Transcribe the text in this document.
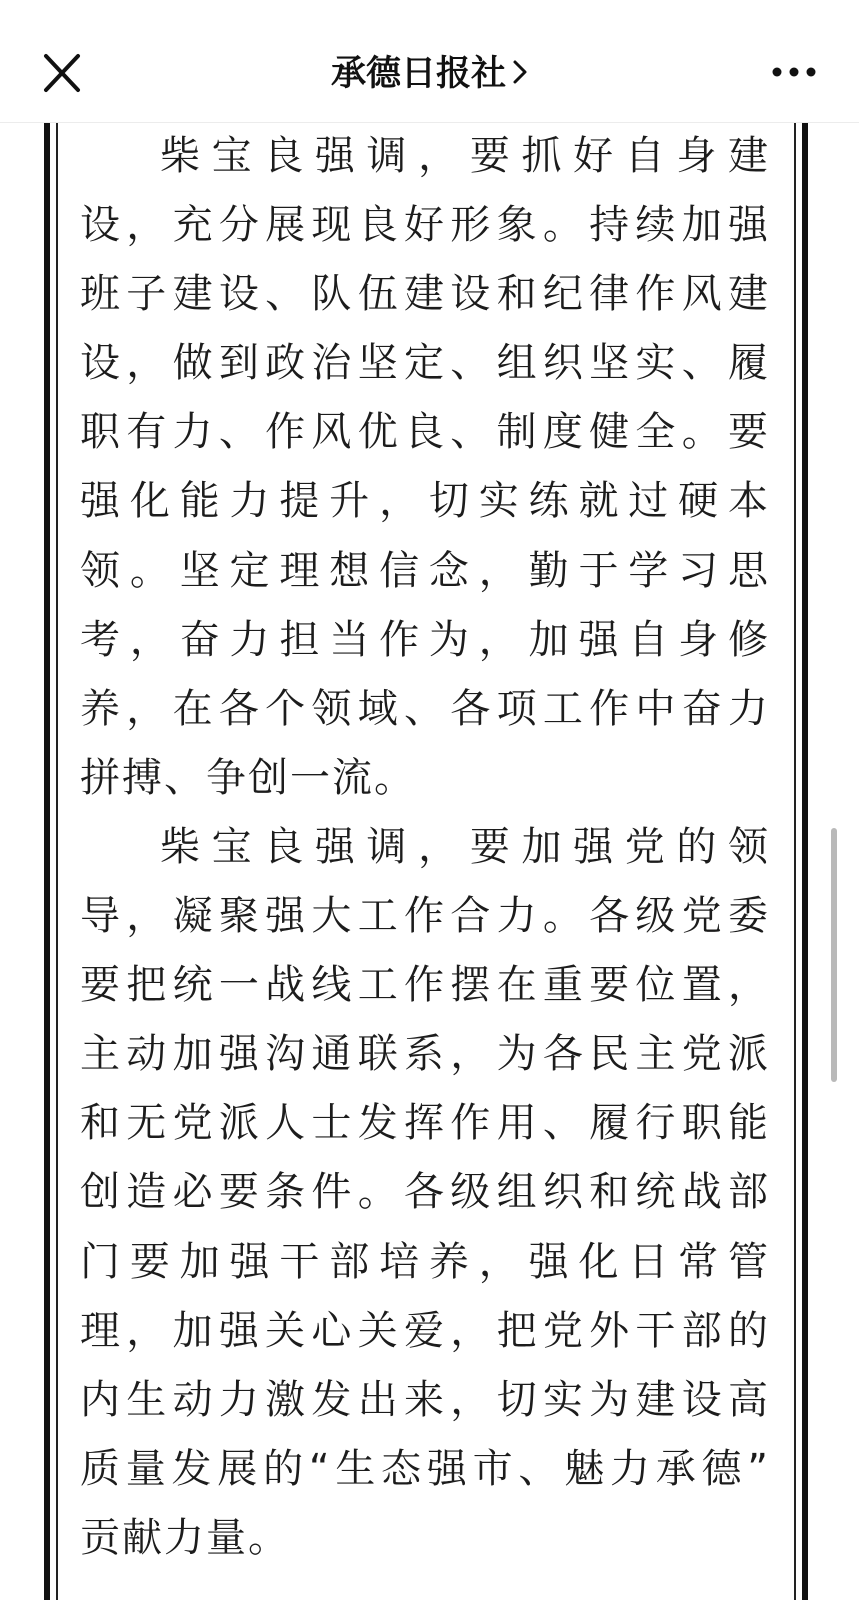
承德日报社
柴宝良强调，要抓好自身建
设，充分展现良好形象。持续加强
班子建设、队伍建设和纪律作风建
设，做到政治坚定、组织坚实、履
职有力、作风优良、制度健全。要
强化能力提升，切实练就过硬本
领。坚定理想信念，勤于学习思
考，奋力担当作为，加强自身修
养，在各个领域、各项工作中奋力
拼搏、争创一流。
柴宝良强调，要加强党的领
导，凝聚强大工作合力。各级党委
要把统一战线工作摆在重要位置，
主动加强沟通联系，为各民主党派
和无党派人士发挥作用、履行职能
创造必要条件。各级组织和统战部
门要加强干部培养，强化日常管
理，加强关心关爱，把党外干部的
内生动力激发出来，切实为建设高
质量发展的“生态强市、魅力承德”
贡献力量。
